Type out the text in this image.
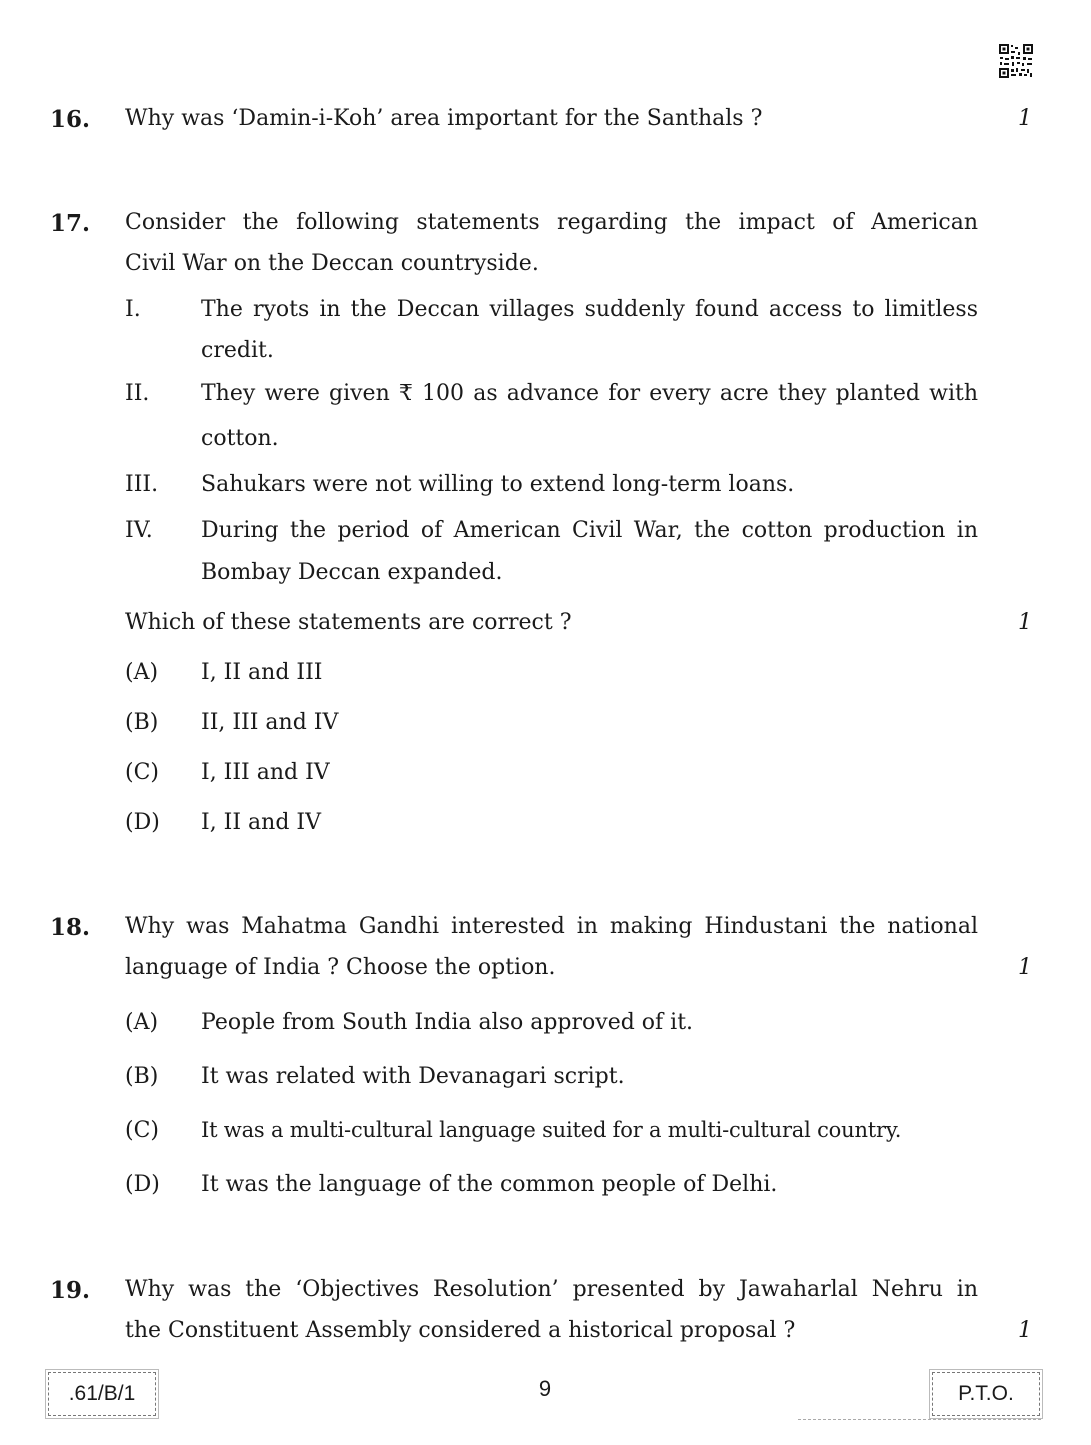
16. Why was ‘Damin-i-Koh’ area important for the Santhals ?	1
17. Consider the following statements regarding the impact of American
Civil War on the Deccan countryside.
I.	The ryots in the Deccan villages suddenly found access to limitless
credit.
II. They were given ₹ 100 as advance for every acre they planted with
cotton.
III. Sahukars were not willing to extend long-term loans.
IV. During the period of American Civil War, the cotton production in
Bombay Deccan expanded.
Which of these statements are correct ?	1
(A) I, II and III
(B) II, III and IV
(C) I, III and IV
(D) I, II and IV
18. Why was Mahatma Gandhi interested in making Hindustani the national
language of India ? Choose the option.	1
(A) People from South India also approved of it.
(B) It was related with Devanagari script.
(C) It was a multi-cultural language suited for a multi-cultural country.
(D) It was the language of the common people of Delhi.
19. Why was the ‘Objectives Resolution’ presented by Jawaharlal Nehru in
the Constituent Assembly considered a historical proposal ?	1
.61/B/1	9	P.T.O.
